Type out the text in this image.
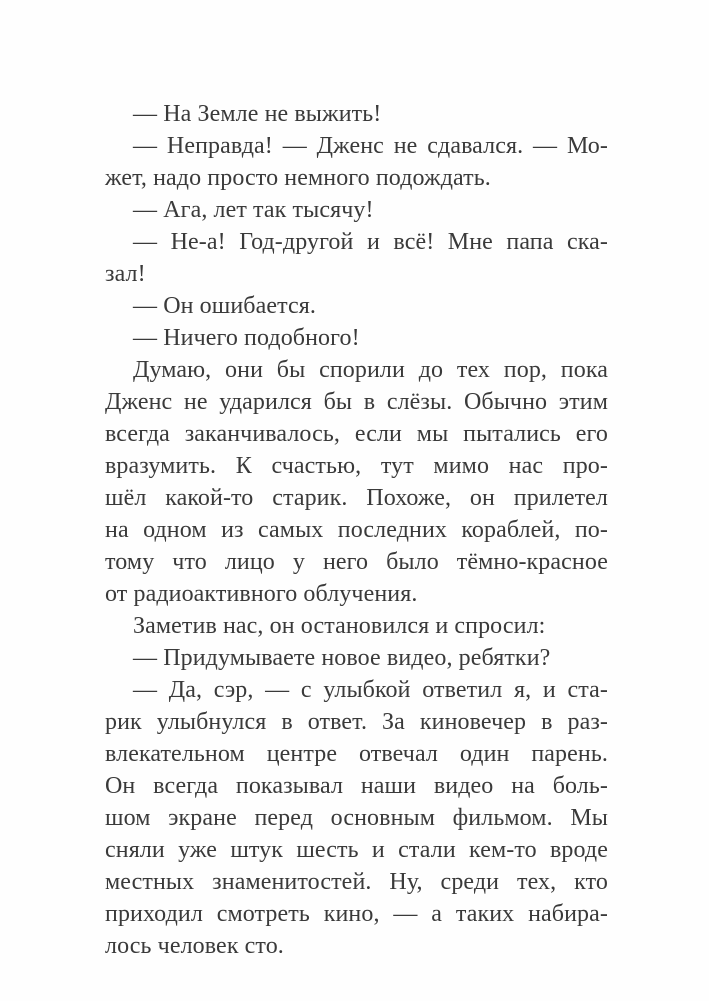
— На Земле не выжить!
— Неправда! — Дженс не сдавался. — Мо-
жет, надо просто немного подождать.
— Ага, лет так тысячу!
— Не-а! Год-другой и всё! Мне папа ска-
зал!
— Он ошибается.
— Ничего подобного!
Думаю, они бы спорили до тех пор, пока
Дженс не ударился бы в слёзы. Обычно этим
всегда заканчивалось, если мы пытались его
вразумить. К счастью, тут мимо нас про-
шёл какой-то старик. Похоже, он прилетел
на одном из самых последних кораблей, по-
тому что лицо у него было тёмно-красное
от радиоактивного облучения.
Заметив нас, он остановился и спросил:
— Придумываете новое видео, ребятки?
— Да, сэр, — с улыбкой ответил я, и ста-
рик улыбнулся в ответ. За киновечер в раз-
влекательном центре отвечал один парень.
Он всегда показывал наши видео на боль-
шом экране перед основным фильмом. Мы
сняли уже штук шесть и стали кем-то вроде
местных знаменитостей. Ну, среди тех, кто
приходил смотреть кино, — а таких набира-
лось человек сто.
